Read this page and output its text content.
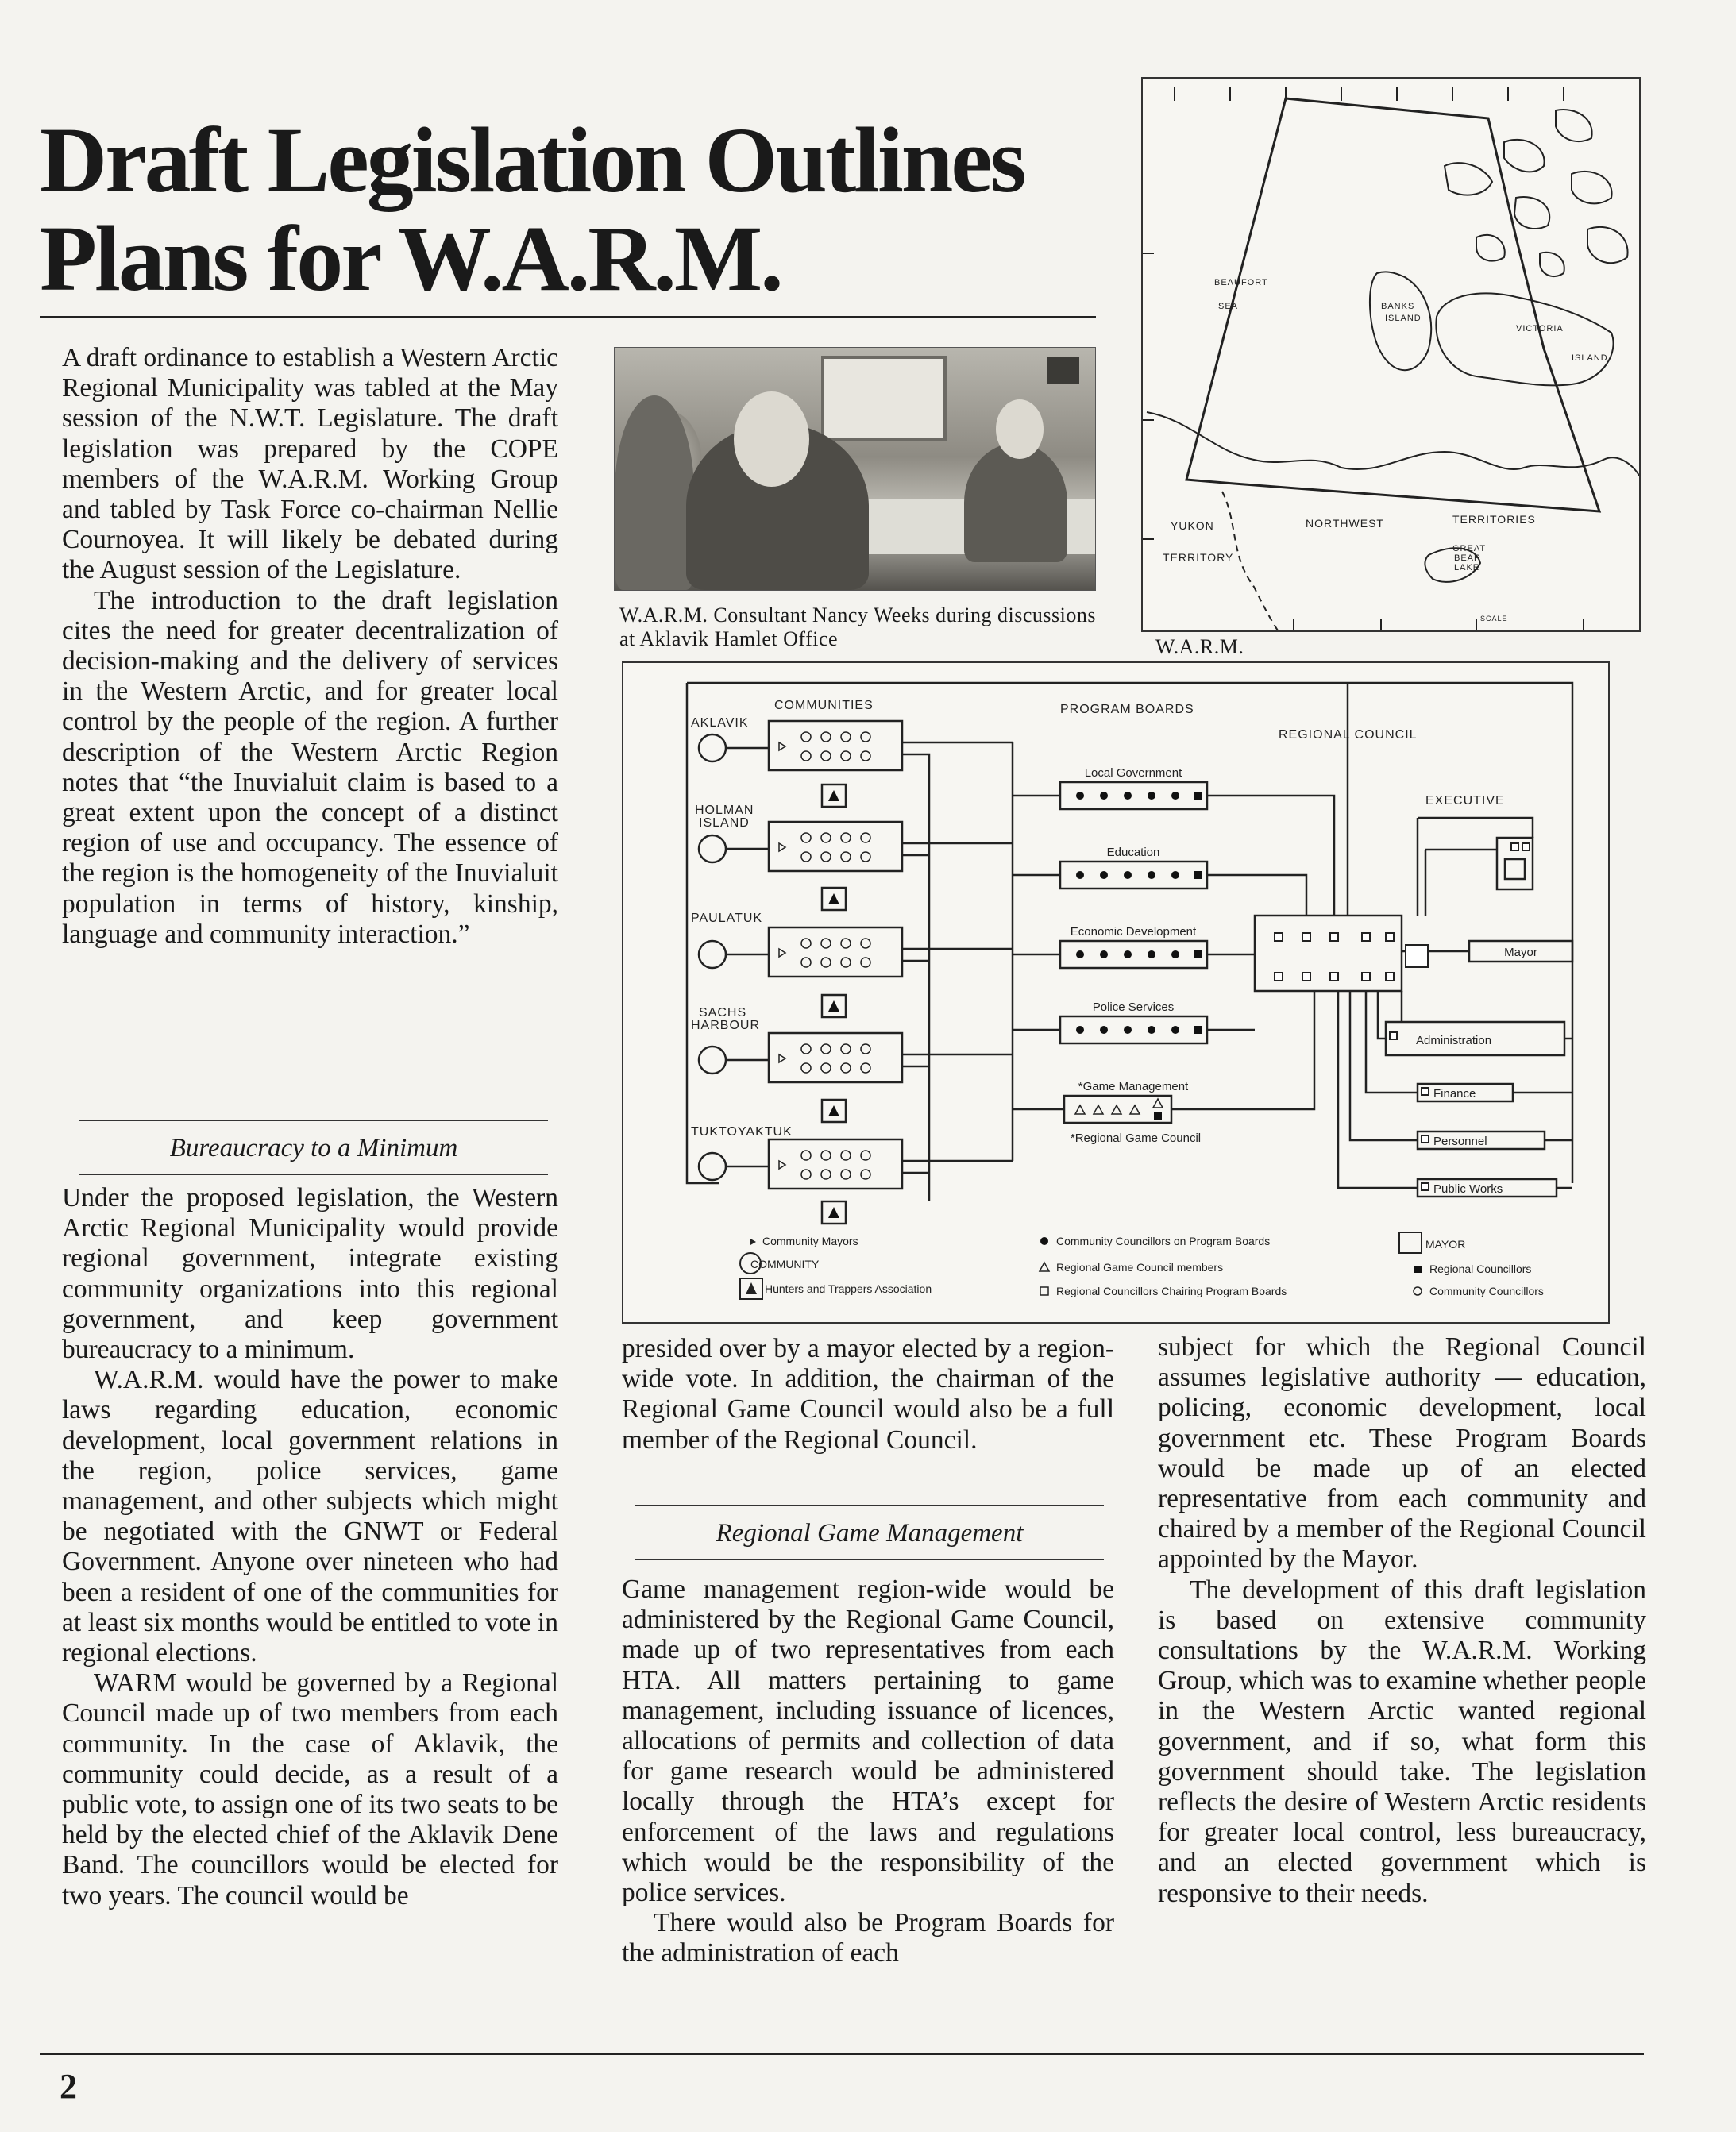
Draft Legislation Outlines
Plans for W.A.R.M.

A draft ordinance to establish a Western Arctic Regional Municipality was tabled at the May session of the N.W.T. Legislature. The draft legislation was prepared by the COPE members of the W.A.R.M. Working Group and tabled by Task Force co-chairman Nellie Cournoyea. It will likely be debated during the August session of the Legislature.

The introduction to the draft legislation cites the need for greater decentralization of decision-making and the delivery of services in the Western Arctic, and for greater local control by the people of the region. A further description of the Western Arctic Region notes that “the Inuvialuit claim is based to a great extent upon the concept of a distinct region of use and occupancy. The essence of the region is the homogeneity of the Inuvialuit population in terms of history, kinship, language and community interaction.”

Bureaucracy to a Minimum

Under the proposed legislation, the Western Arctic Regional Municipality would provide regional government, integrate existing community organizations into this regional government, and keep government bureaucracy to a minimum.

W.A.R.M. would have the power to make laws regarding education, economic development, local government relations in the region, police services, game management, and other subjects which might be negotiated with the GNWT or Federal Government. Anyone over nineteen who had been a resident of one of the communities for at least six months would be entitled to vote in regional elections.

WARM would be governed by a Regional Council made up of two members from each community. In the case of Aklavik, the community could decide, as a result of a public vote, to assign one of its two seats to be held by the elected chief of the Aklavik Dene Band. The councillors would be elected for two years. The council would be

W.A.R.M. Consultant Nancy Weeks during discussions at Aklavik Hamlet Office
BEAUFORT
SEA	BANKS
ISLAND
VICTORIA
ISLAND
NORTHWEST	TERRITORIES
YUKON
TERRITORY
GREAT
BEAR
LAKE
SCALE
W.A.R.M.
COMMUNITIES	PROGRAM BOARDS
REGIONAL COUNCIL
EXECUTIVE
AKLAVIK
HOLMAN
ISLAND
PAULATUK
SACHS
HARBOUR
TUKTOYAKTUK
Local Government
Education
Economic Development
Police Services
*Game Management
*Regional Game Council
Mayor
Administration
Finance
Personnel
Public Works
Community Mayors
COMMUNITY
Hunters and Trappers Association
Community Councillors on Program Boards
Regional Game Council members
Regional Councillors Chairing Program Boards
MAYOR
Regional Councillors
Community Councillors

presided over by a mayor elected by a region-wide vote. In addition, the chairman of the Regional Game Council would also be a full member of the Regional Council.

Regional Game Management

Game management region-wide would be administered by the Regional Game Council, made up of two representatives from each HTA. All matters pertaining to game management, including issuance of licences, allocations of permits and collection of data for game research would be administered locally through the HTA’s except for enforcement of the laws and regulations which would be the responsibility of the police services.

There would also be Program Boards for the administration of each

subject for which the Regional Council assumes legislative authority — education, policing, economic development, local government etc. These Program Boards would be made up of an elected representative from each community and chaired by a member of the Regional Council appointed by the Mayor.

The development of this draft legislation is based on extensive community consultations by the W.A.R.M. Working Group, which was to examine whether people in the Western Arctic wanted regional government, and if so, what form this government should take. The legislation reflects the desire of Western Arctic residents for greater local control, less bureaucracy, and an elected government which is responsive to their needs.

2
